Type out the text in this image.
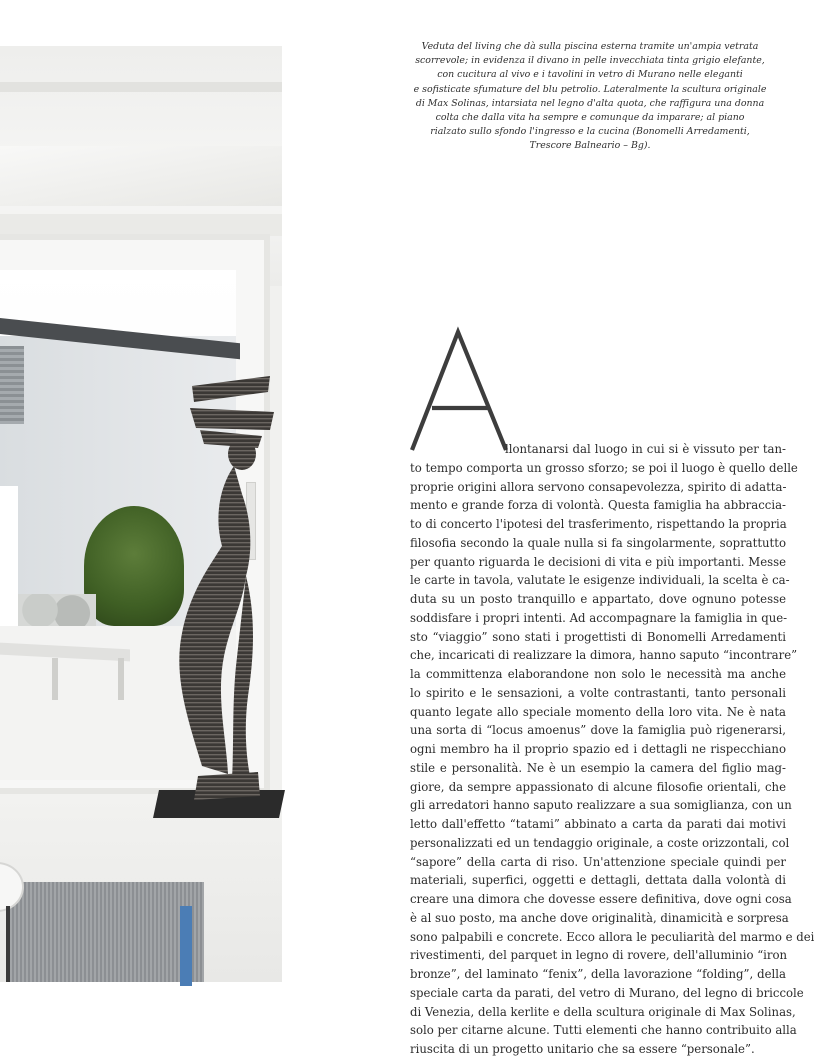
Veduta del living che dà sulla piscina esterna tramite un'ampia vetrata
scorrevole; in evidenza il divano in pelle invecchiata tinta grigio elefante,
con cucitura al vivo e i tavolini in vetro di Murano nelle eleganti
e sofisticate sfumature del blu petrolio. Lateralmente la scultura originale
di Max Solinas, intarsiata nel legno d'alta quota, che raffigura una donna
colta che dalla vita ha sempre e comunque da imparare; al piano
rialzato sullo sfondo l'ingresso e la cucina (Bonomelli Arredamenti,
Trescore Balneario – Bg).
llontanarsi dal luogo in cui si è vissuto per tan-
to tempo comporta un grosso sforzo; se poi il luogo è quello delle
proprie origini allora servono consapevolezza, spirito di adatta-
mento e grande forza di volontà. Questa famiglia ha abbraccia-
to di concerto l'ipotesi del trasferimento, rispettando la propria
filosofia secondo la quale nulla si fa singolarmente, soprattutto
per quanto riguarda le decisioni di vita e più importanti. Messe
le carte in tavola, valutate le esigenze individuali, la scelta è ca-
duta su un posto tranquillo e appartato, dove ognuno potesse
soddisfare i propri intenti. Ad accompagnare la famiglia in que-
sto “viaggio” sono stati i progettisti di Bonomelli Arredamenti
che, incaricati di realizzare la dimora, hanno saputo “incontrare”
la committenza elaborandone non solo le necessità ma anche
lo spirito e le sensazioni, a volte contrastanti, tanto personali
quanto legate allo speciale momento della loro vita. Ne è nata
una sorta di “locus amoenus” dove la famiglia può rigenerarsi,
ogni membro ha il proprio spazio ed i dettagli ne rispecchiano
stile e personalità. Ne è un esempio la camera del figlio mag-
giore, da sempre appassionato di alcune filosofie orientali, che
gli arredatori hanno saputo realizzare a sua somiglianza, con un
letto dall'effetto “tatami” abbinato a carta da parati dai motivi
personalizzati ed un tendaggio originale, a coste orizzontali, col
“sapore” della carta di riso. Un'attenzione speciale quindi per
materiali, superfici, oggetti e dettagli, dettata dalla volontà di
creare una dimora che dovesse essere definitiva, dove ogni cosa
è al suo posto, ma anche dove originalità, dinamicità e sorpresa
sono palpabili e concrete. Ecco allora le peculiarità del marmo e dei
rivestimenti, del parquet in legno di rovere, dell'alluminio “iron
bronze”, del laminato “fenix”, della lavorazione “folding”, della
speciale carta da parati, del vetro di Murano, del legno di briccole
di Venezia, della kerlite e della scultura originale di Max Solinas,
solo per citarne alcune. Tutti elementi che hanno contribuito alla
riuscita di un progetto unitario che sa essere “personale”.
